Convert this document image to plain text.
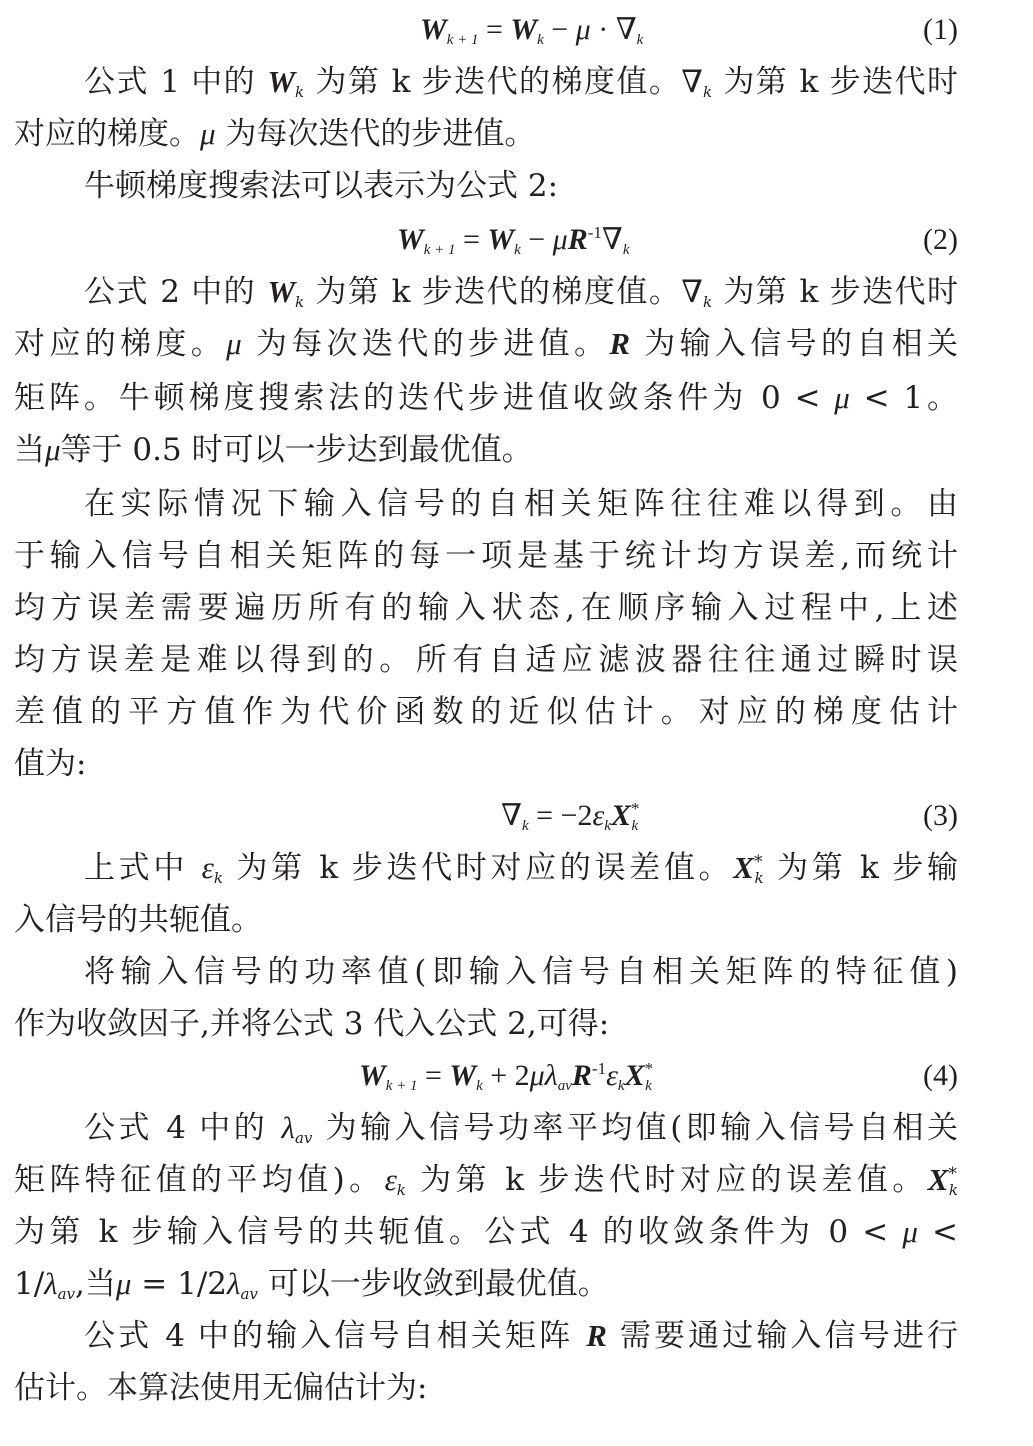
$W_{k + 1} = W_k - \mu \cdot \nabla_k$	(1)
公式 1 中的 $W_k$ 为第 k 步迭代的梯度值。$\nabla_k$ 为第 k 步迭代时
对应的梯度。μ 为每次迭代的步进值。
牛顿梯度搜索法可以表示为公式 2:
$W_{k + 1} = W_k - \mu R^{-1}\nabla_k$	(2)
公式 2 中的 $W_k$ 为第 k 步迭代的梯度值。$\nabla_k$ 为第 k 步迭代时
对应的梯度。μ 为每次迭代的步进值。R 为输入信号的自相关
矩阵。牛顿梯度搜索法的迭代步进值收敛条件为 0 < μ < 1。
当μ等于 0.5 时可以一步达到最优值。
在实际情况下输入信号的自相关矩阵往往难以得到。由
于输入信号自相关矩阵的每一项是基于统计均方误差,而统计
均方误差需要遍历所有的输入状态,在顺序输入过程中,上述
均方误差是难以得到的。所有自适应滤波器往往通过瞬时误
差值的平方值作为代价函数的近似估计。对应的梯度估计
值为:
$\nabla_k = -2\varepsilon_kX^*_k$	(3)
上式中 $\varepsilon_k$ 为第 k 步迭代时对应的误差值。$X^*_k$ 为第 k 步输
入信号的共轭值。
将输入信号的功率值(即输入信号自相关矩阵的特征值)
作为收敛因子,并将公式 3 代入公式 2,可得:
$W_{k + 1} = W_k + 2\mu\lambda_{av}R^{-1}\varepsilon_kX^*_k$	(4)
公式 4 中的 $\lambda_{av}$ 为输入信号功率平均值(即输入信号自相关
矩阵特征值的平均值)。$\varepsilon_k$ 为第 k 步迭代时对应的误差值。$X^*_k$
为第 k 步输入信号的共轭值。公式 4 的收敛条件为 0 < μ <
$1/\lambda_{av}$,当$\mu = 1/2\lambda_{av}$ 可以一步收敛到最优值。
公式 4 中的输入信号自相关矩阵 R 需要通过输入信号进行
估计。本算法使用无偏估计为:
